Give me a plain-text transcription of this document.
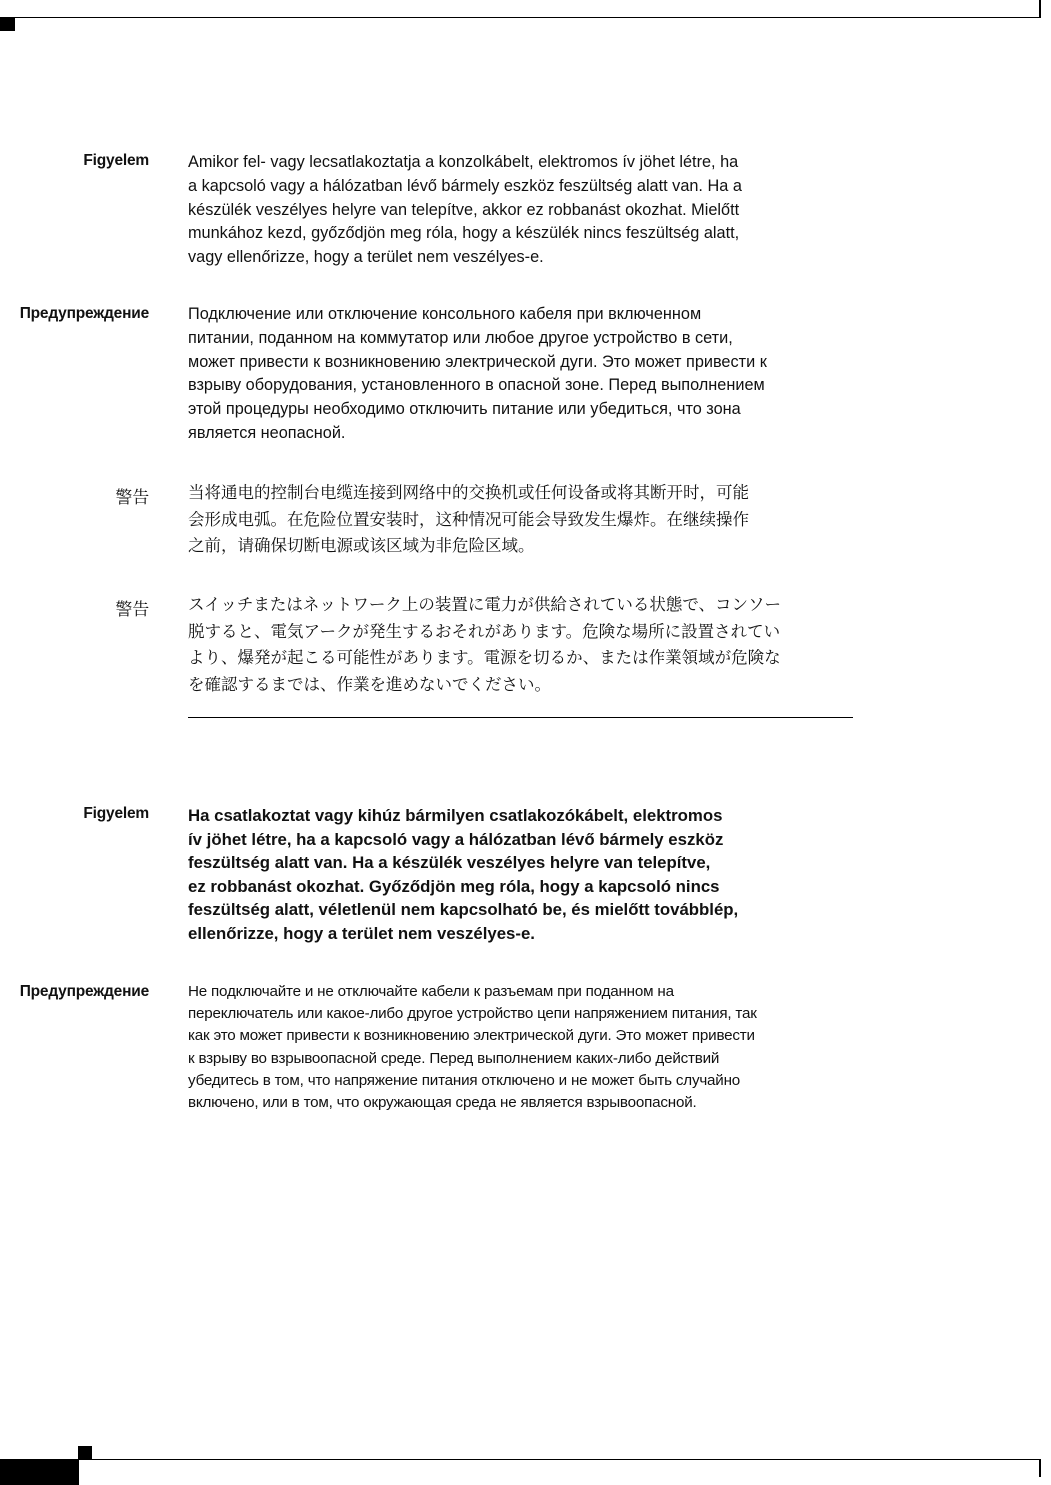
Figyelem Amikor fel- vagy lecsatlakoztatja a konzolkábelt, elektromos ív jöhet létre, ha
a kapcsoló vagy a hálózatban lévő bármely eszköz feszültség alatt van. Ha a
készülék veszélyes helyre van telepítve, akkor ez robbanást okozhat. Mielőtt
munkához kezd, győződjön meg róla, hogy a készülék nincs feszültség alatt,
vagy ellenőrizze, hogy a terület nem veszélyes-e.
Предупреждение Подключение или отключение консольного кабеля при включенном
питании, поданном на коммутатор или любое другое устройство в сети,
может привести к возникновению электрической дуги. Это может привести к
взрыву оборудования, установленного в опасной зоне. Перед выполнением
этой процедуры необходимо отключить питание или убедиться, что зона
является неопасной.
警告 当将通电的控制台电缆连接到网络中的交换机或任何设备或将其断开时，可能
会形成电弧。在危险位置安装时，这种情况可能会导致发生爆炸。在继续操作
之前，请确保切断电源或该区域为非危险区域。
警告 スイッチまたはネットワーク上の装置に電力が供給されている状態で、コンソー
脱すると、電気アークが発生するおそれがあります。危険な場所に設置されてい
より、爆発が起こる可能性があります。電源を切るか、または作業領域が危険な
を確認するまでは、作業を進めないでください。
Figyelem Ha csatlakoztat vagy kihúz bármilyen csatlakozókábelt, elektromos
ív jöhet létre, ha a kapcsoló vagy a hálózatban lévő bármely eszköz
feszültség alatt van. Ha a készülék veszélyes helyre van telepítve,
ez robbanást okozhat. Győződjön meg róla, hogy a kapcsoló nincs
feszültség alatt, véletlenül nem kapcsolható be, és mielőtt továbblép,
ellenőrizze, hogy a terület nem veszélyes-e.
Предупреждение	Не подключайте и не отключайте кабели к разъемам при поданном на
переключатель или какое-либо другое устройство цепи напряжением питания, так
как это может привести к возникновению электрической дуги. Это может привести
к взрыву во взрывоопасной среде. Перед выполнением каких-либо действий
убедитесь в том, что напряжение питания отключено и не может быть случайно
включено, или в том, что окружающая среда не является взрывоопасной.
